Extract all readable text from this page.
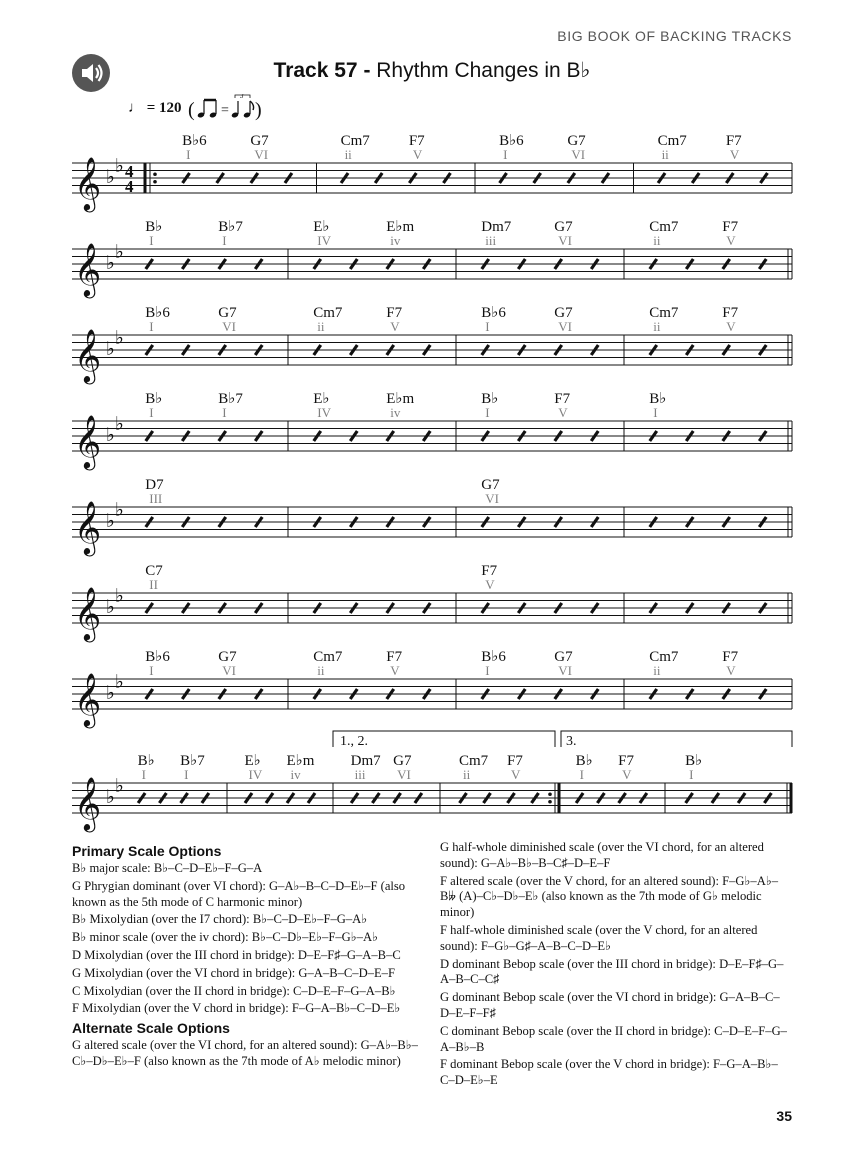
BIG BOOK OF BACKING TRACKS
Track 57 - Rhythm Changes in B♭
♩ = 120 ( =
3
)
𝄞 ♭
♭ 4
4
B♭6
I
G7
VI
Cm7
ii
F7
V
B♭6
I
G7
VI
Cm7
ii
F7
V
𝄞 ♭
♭
B♭
I
B♭7
I
E♭
IV
E♭m
iv
Dm7
iii
G7
VI
Cm7
ii
F7
V
𝄞 ♭
♭
B♭6
I
G7
VI
Cm7
ii
F7
V
B♭6
I
G7
VI
Cm7
ii
F7
V
𝄞 ♭
♭
B♭
I
B♭7
I
E♭
IV
E♭m
iv
B♭
I
F7
V
B♭
I
𝄞 ♭
♭
D7
III
G7
VI
𝄞 ♭
♭
C7
II
F7
V
𝄞 ♭
♭
B♭6
I
G7
VI
Cm7
ii
F7
V
B♭6
I
G7
VI
Cm7
ii
F7
V
𝄞 ♭
♭
B♭
I
B♭7
I
E♭
IV
E♭m
iv
Dm7
iii
G7
VI
Cm7
ii
F7
V
B♭
I
F7
V
B♭
I
1., 2.	3.
Primary Scale Options
B♭ major scale: B♭–C–D–E♭–F–G–A
G Phrygian dominant (over VI chord): G–A♭–B–C–D–E♭–F (also known as the 5th mode of C harmonic minor)
B♭ Mixolydian (over the I7 chord): B♭–C–D–E♭–F–G–A♭
B♭ minor scale (over the iv chord): B♭–C–D♭–E♭–F–G♭–A♭
D Mixolydian (over the III chord in bridge): D–E–F♯–G–A–B–C
G Mixolydian (over the VI chord in bridge): G–A–B–C–D–E–F
C Mixolydian (over the II chord in bridge): C–D–E–F–G–A–B♭
F Mixolydian (over the V chord in bridge): F–G–A–B♭–C–D–E♭
Alternate Scale Options
G altered scale (over the VI chord, for an altered sound): G–A♭–B♭–C♭–D♭–E♭–F (also known as the 7th mode of A♭ melodic minor)
G half-whole diminished scale (over the VI chord, for an altered sound): G–A♭–B♭–B–C♯–D–E–F
F altered scale (over the V chord, for an altered sound): F–G♭–A♭–B𝄫 (A)–C♭–D♭–E♭ (also known as the 7th mode of G♭ melodic minor)
F half-whole diminished scale (over the V chord, for an altered sound): F–G♭–G♯–A–B–C–D–E♭
D dominant Bebop scale (over the III chord in bridge): D–E–F♯–G–A–B–C–C♯
G dominant Bebop scale (over the VI chord in bridge): G–A–B–C–D–E–F–F♯
C dominant Bebop scale (over the II chord in bridge): C–D–E–F–G–A–B♭–B
F dominant Bebop scale (over the V chord in bridge): F–G–A–B♭–C–D–E♭–E
35
